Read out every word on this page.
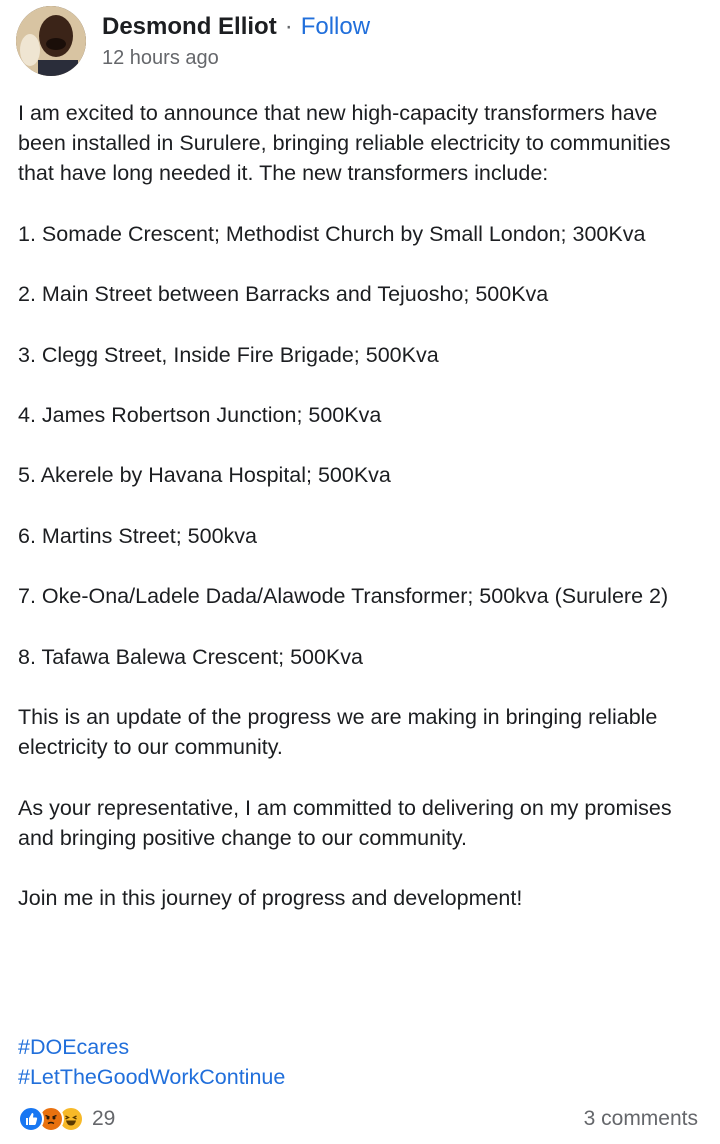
Desmond Elliot · Follow
12 hours ago

I am excited to announce that new high-capacity transformers have been installed in Surulere, bringing reliable electricity to communities that have long needed it. The new transformers include:

1. Somade Crescent; Methodist Church by Small London; 300Kva

2. Main Street between Barracks and Tejuosho; 500Kva

3. Clegg Street, Inside Fire Brigade; 500Kva

4. James Robertson Junction; 500Kva

5. Akerele by Havana Hospital; 500Kva

6. Martins Street; 500kva

7. Oke-Ona/Ladele Dada/Alawode Transformer; 500kva (Surulere 2)

8. Tafawa Balewa Crescent; 500Kva

This is an update of the progress we are making in bringing reliable electricity to our community.

As your representative, I am committed to delivering on my promises and bringing positive change to our community.

Join me in this journey of progress and development!

#DOEcares
#LetTheGoodWorkContinue
29	3 comments
